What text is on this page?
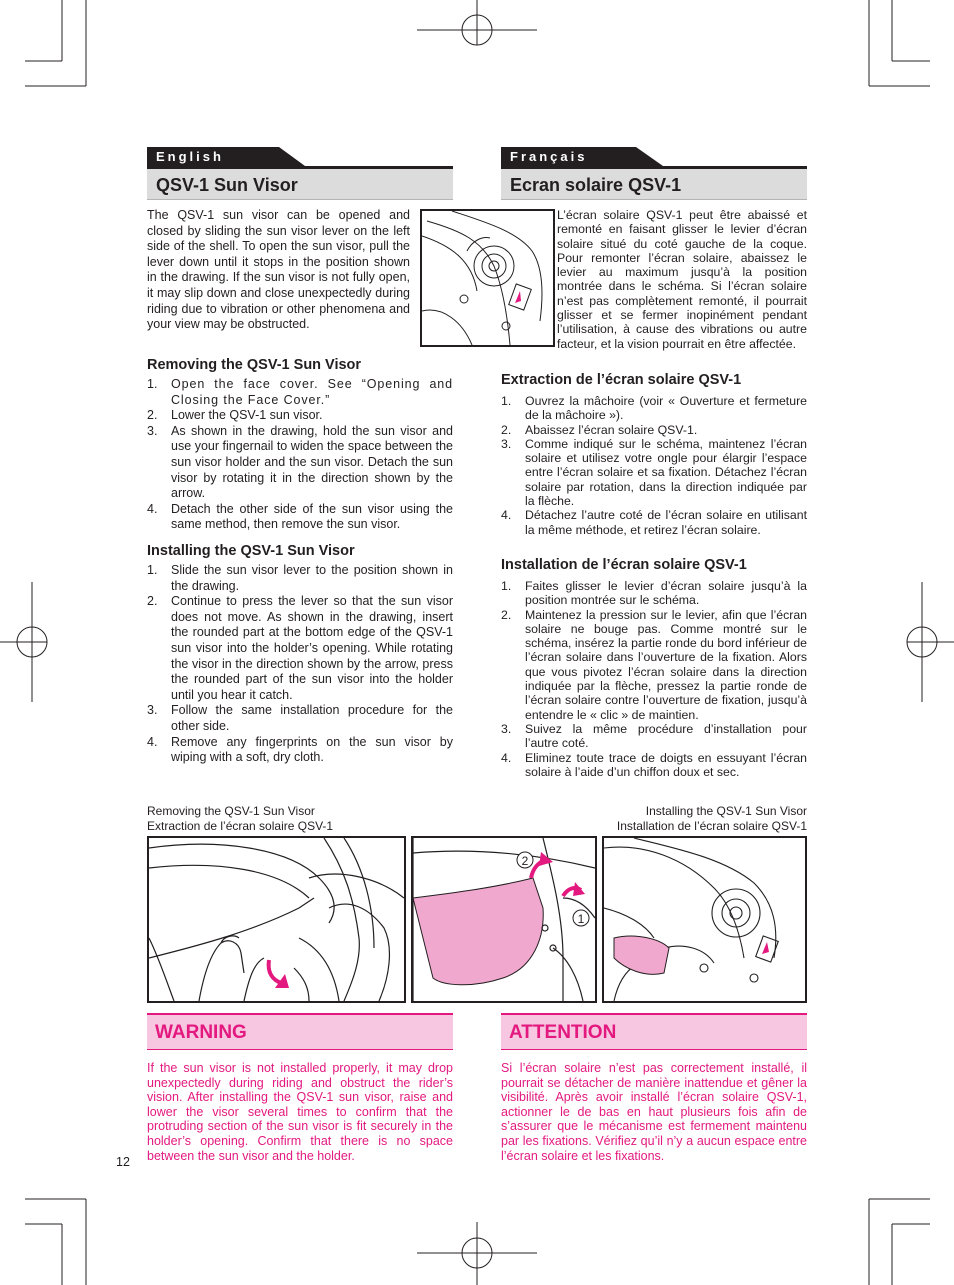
English
QSV-1 Sun Visor
The QSV-1 sun visor can be opened and closed by sliding the sun visor lever on the left side of the shell. To open the sun visor, pull the lever down until it stops in the position shown in the drawing. If the sun visor is not fully open, it may slip down and close unexpectedly during riding due to vibration or other phenomena and your view may be obstructed.
Removing the QSV-1 Sun Visor
1. Open the face cover. See “Opening and Closing the Face Cover.”
2. Lower the QSV-1 sun visor.
3. As shown in the drawing, hold the sun visor and use your fingernail to widen the space between the sun visor holder and the sun visor. Detach the sun visor by rotating it in the direction shown by the arrow.
4. Detach the other side of the sun visor using the same method, then remove the sun visor.
Installing the QSV-1 Sun Visor
1. Slide the sun visor lever to the position shown in the drawing.
2. Continue to press the lever so that the sun visor does not move. As shown in the drawing, insert the rounded part at the bottom edge of the QSV-1 sun visor into the holder’s opening. While rotating the visor in the direction shown by the arrow, press the rounded part of the sun visor into the holder until you hear it catch.
3. Follow the same installation procedure for the other side.
4. Remove any fingerprints on the sun visor by wiping with a soft, dry cloth.
Français
Ecran solaire QSV-1
L’écran solaire QSV-1 peut être abaissé et remonté en faisant glisser le levier d’écran solaire situé du coté gauche de la coque. Pour remonter l’écran solaire, abaissez le levier au maximum jusqu’à la position montrée dans le schéma. Si l’écran solaire n’est pas complètement remonté, il pourrait glisser et se fermer inopinément pendant l’utilisation, à cause des vibrations ou autre facteur, et la vision pourrait en être affectée.
Extraction de l’écran solaire QSV-1
1. Ouvrez la mâchoire (voir « Ouverture et fermeture de la mâchoire »).
2. Abaissez l’écran solaire QSV-1.
3. Comme indiqué sur le schéma, maintenez l’écran solaire et utilisez votre ongle pour élargir l’espace entre l’écran solaire et sa fixation. Détachez l’écran solaire par rotation, dans la direction indiquée par la flèche.
4. Détachez l’autre coté de l’écran solaire en utilisant la même méthode, et retirez l’écran solaire.
Installation de l’écran solaire QSV-1
1. Faites glisser le levier d’écran solaire jusqu’à la position montrée sur le schéma.
2. Maintenez la pression sur le levier, afin que l’écran solaire ne bouge pas. Comme montré sur le schéma, insérez la partie ronde du bord inférieur de l’écran solaire dans l’ouverture de la fixation. Alors que vous pivotez l’écran solaire dans la direction indiquée par la flèche, pressez la partie ronde de l’écran solaire contre l’ouverture de fixation, jusqu’à entendre le « clic » de maintien.
3. Suivez la même procédure d’installation pour l’autre coté.
4. Eliminez toute trace de doigts en essuyant l’écran solaire à l’aide d’un chiffon doux et sec.
Removing the QSV-1 Sun Visor
Extraction de l’écran solaire QSV-1
Installing the QSV-1 Sun Visor
Installation de l’écran solaire QSV-1
2
1
WARNING
If the sun visor is not installed properly, it may drop unexpectedly during riding and obstruct the rider’s vision. After installing the QSV-1 sun visor, raise and lower the visor several times to confirm that the protruding section of the sun visor is fit securely in the holder’s opening. Confirm that there is no space between the sun visor and the holder.
ATTENTION
Si l’écran solaire n’est pas correctement installé, il pourrait se détacher de manière inattendue et gêner la visibilité. Après avoir installé l’écran solaire QSV-1, actionner le de bas en haut plusieurs fois afin de s’assurer que le mécanisme est fermement maintenu par les fixations. Vérifiez qu’il n’y a aucun espace entre l’écran solaire et les fixations.
12
